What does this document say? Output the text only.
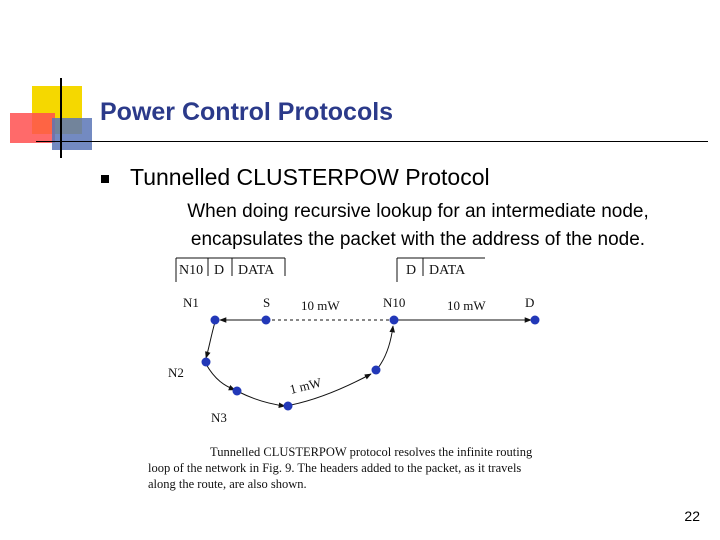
Power Control Protocols
Tunnelled CLUSTERPOW Protocol
When doing recursive lookup for an intermediate node,
encapsulates the packet with the address of the node.
N10 D DATA	D DATA
N1	S	N10	D
N2
N3
10 mW	10 mW
1 mW
Tunnelled CLUSTERPOW protocol resolves the infinite routing
loop of the network in Fig. 9. The headers added to the packet, as it travels
along the route, are also shown.
22
